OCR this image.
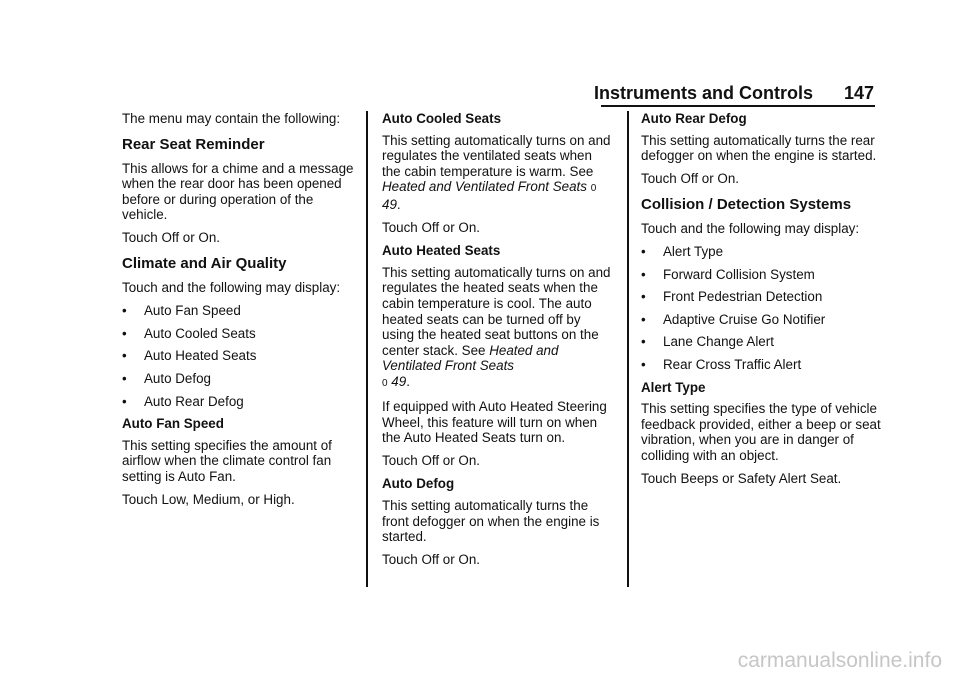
Instruments and Controls 147

The menu may contain the following:

Rear Seat Reminder

This allows for a chime and a message when the rear door has been opened before or during operation of the vehicle.

Touch Off or On.

Climate and Air Quality

Touch and the following may display:

• Auto Fan Speed
• Auto Cooled Seats
• Auto Heated Seats
• Auto Defog
• Auto Rear Defog
Auto Fan Speed

This setting specifies the amount of airflow when the climate control fan setting is Auto Fan.

Touch Low, Medium, or High.

Auto Cooled Seats

This setting automatically turns on and regulates the ventilated seats when the cabin temperature is warm. See Heated and Ventilated Front Seats 0 49.

Touch Off or On.

Auto Heated Seats

This setting automatically turns on and regulates the heated seats when the cabin temperature is cool. The auto heated seats can be turned off by using the heated seat buttons on the center stack. See Heated and Ventilated Front Seats
0 49.

If equipped with Auto Heated Steering Wheel, this feature will turn on when the Auto Heated Seats turn on.

Touch Off or On.

Auto Defog

This setting automatically turns the front defogger on when the engine is started.

Touch Off or On.

Auto Rear Defog

This setting automatically turns the rear defogger on when the engine is started.

Touch Off or On.

Collision / Detection Systems

Touch and the following may display:

• Alert Type
• Forward Collision System
• Front Pedestrian Detection
• Adaptive Cruise Go Notifier
• Lane Change Alert
• Rear Cross Traffic Alert
Alert Type

This setting specifies the type of vehicle feedback provided, either a beep or seat vibration, when you are in danger of colliding with an object.

Touch Beeps or Safety Alert Seat.

carmanualsonline.info
